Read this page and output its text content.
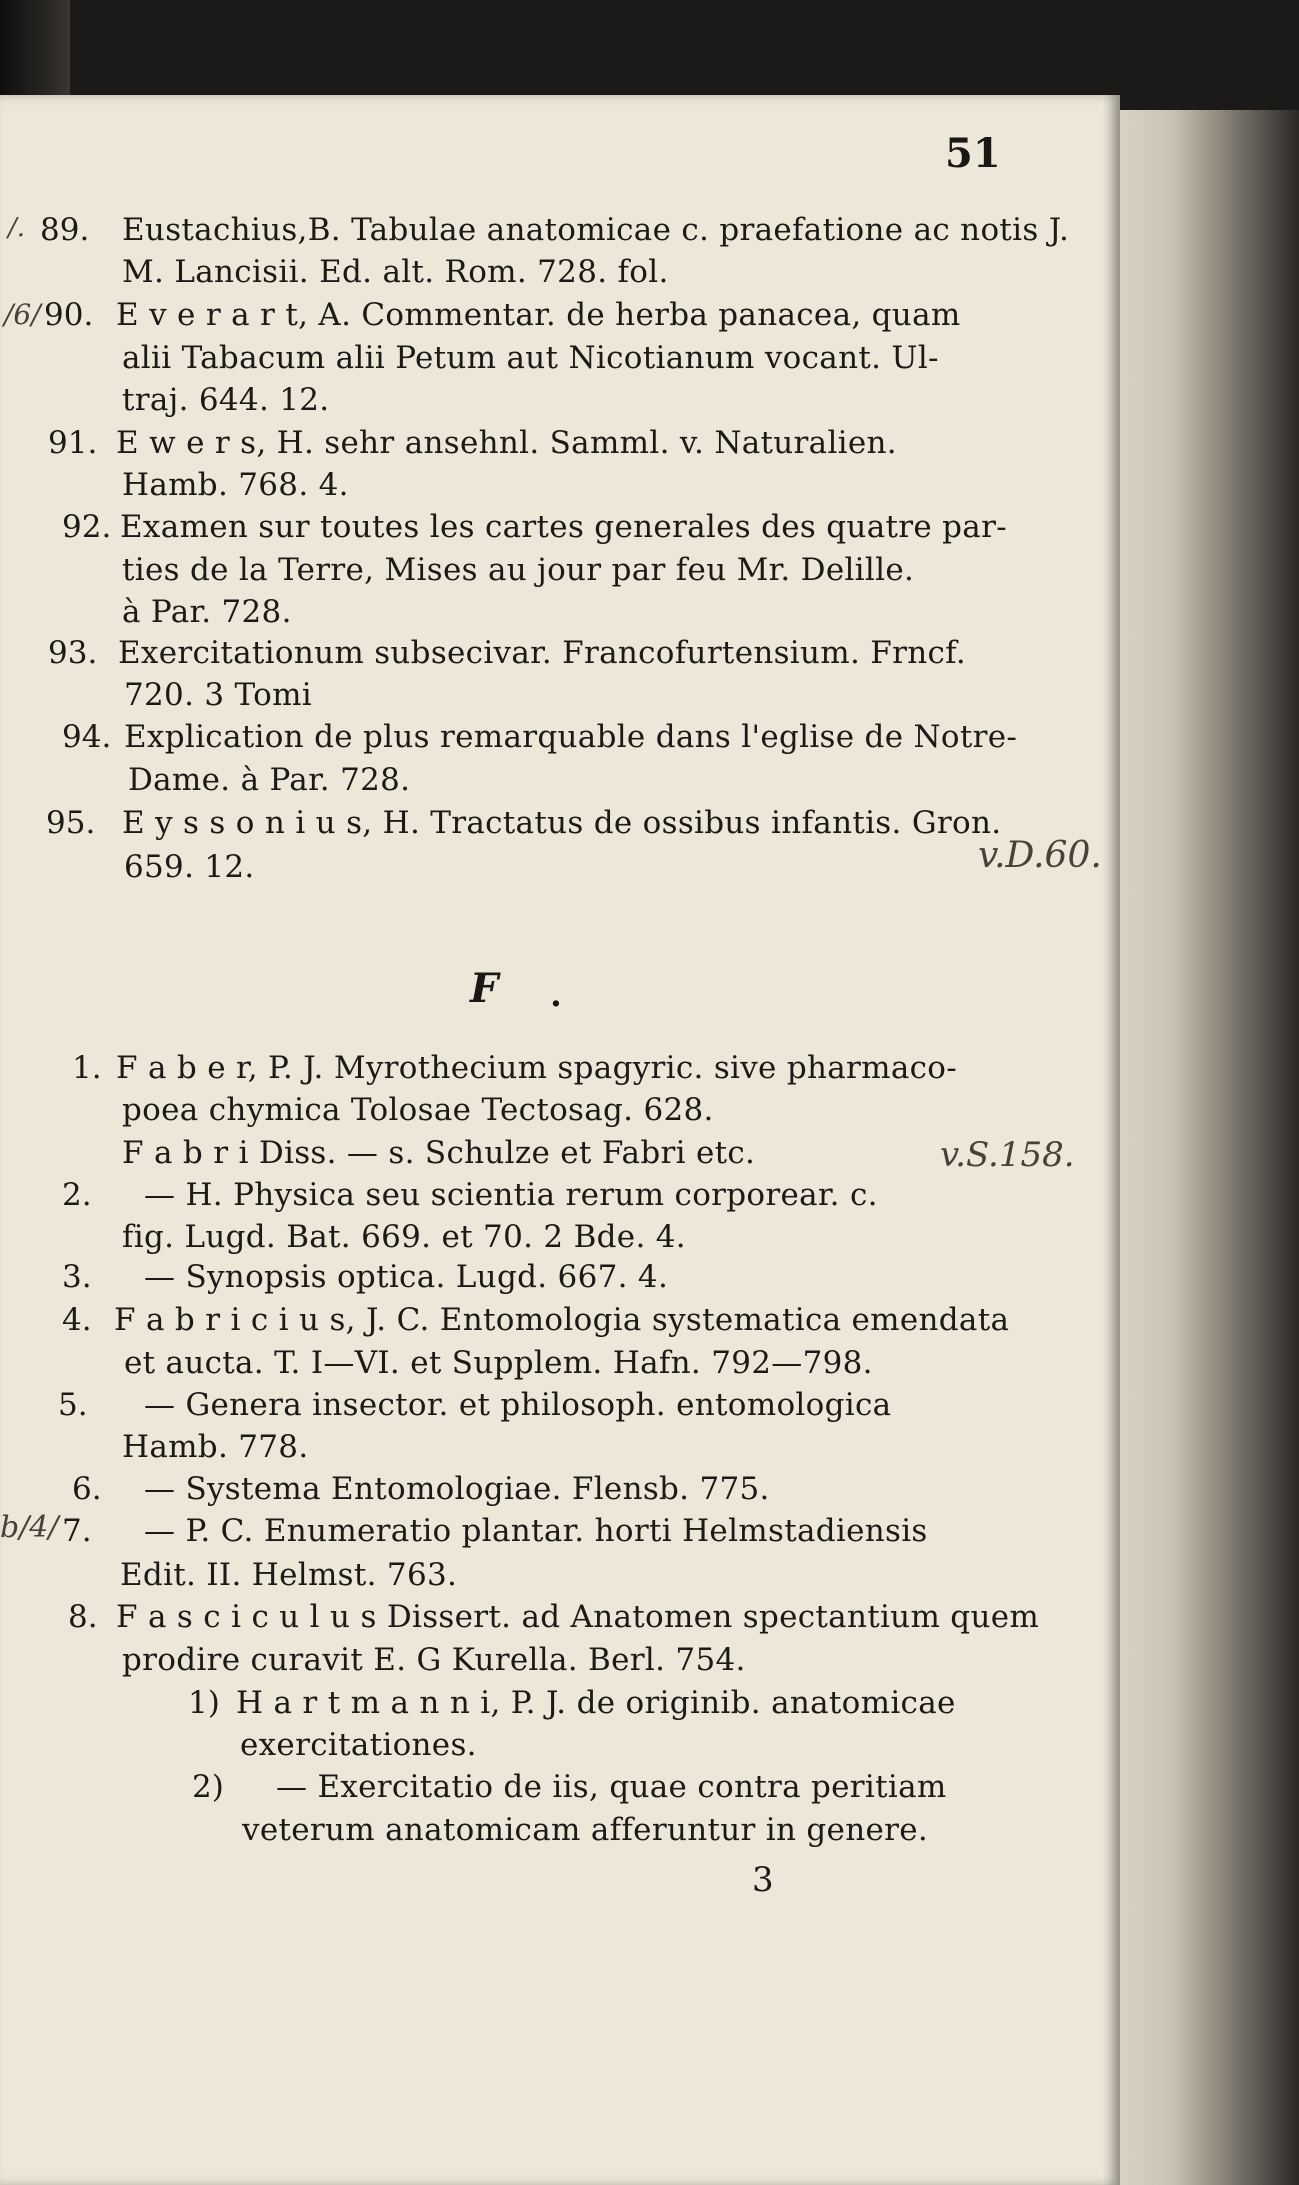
51
/. 89. Eustachius,B. Tabulae anatomicae c. praefatione ac notis J.
M. Lancisii. Ed. alt. Rom. 728. fol.
/6/ 90. E v e r a r t, A. Commentar. de herba panacea, quam
alii Tabacum alii Petum aut Nicotianum vocant. Ul-
traj. 644. 12.
91. E w e r s, H. sehr ansehnl. Samml. v. Naturalien.
Hamb. 768. 4.
92. Examen sur toutes les cartes generales des quatre par-
ties de la Terre, Mises au jour par feu Mr. Delille.
à Par. 728.
93. Exercitationum subsecivar. Francofurtensium. Frncf.
720. 3 Tomi
94. Explication de plus remarquable dans l'eglise de Notre-
Dame. à Par. 728.
95. E y s s o n i u s, H. Tractatus de ossibus infantis. Gron.
659. 12.	v.D.60.
F .
1. F a b e r, P. J. Myrothecium spagyric. sive pharmaco-
poea chymica Tolosae Tectosag. 628.
F a b r i Diss. — s. Schulze et Fabri etc.	v.S.158.
2. — H. Physica seu scientia rerum corporear. c.
fig. Lugd. Bat. 669. et 70. 2 Bde. 4.
3. — Synopsis optica. Lugd. 667. 4.
4. F a b r i c i u s, J. C. Entomologia systematica emendata
et aucta. T. I—VI. et Supplem. Hafn. 792—798.
5. — Genera insector. et philosoph. entomologica
Hamb. 778.
6. — Systema Entomologiae. Flensb. 775.
b/4/ 7. — P. C. Enumeratio plantar. horti Helmstadiensis
Edit. II. Helmst. 763.
8. F a s c i c u l u s Dissert. ad Anatomen spectantium quem
prodire curavit E. G Kurella. Berl. 754.
1) H a r t m a n n i, P. J. de originib. anatomicae
exercitationes.
2) — Exercitatio de iis, quae contra peritiam
veterum anatomicam afferuntur in genere.
3
